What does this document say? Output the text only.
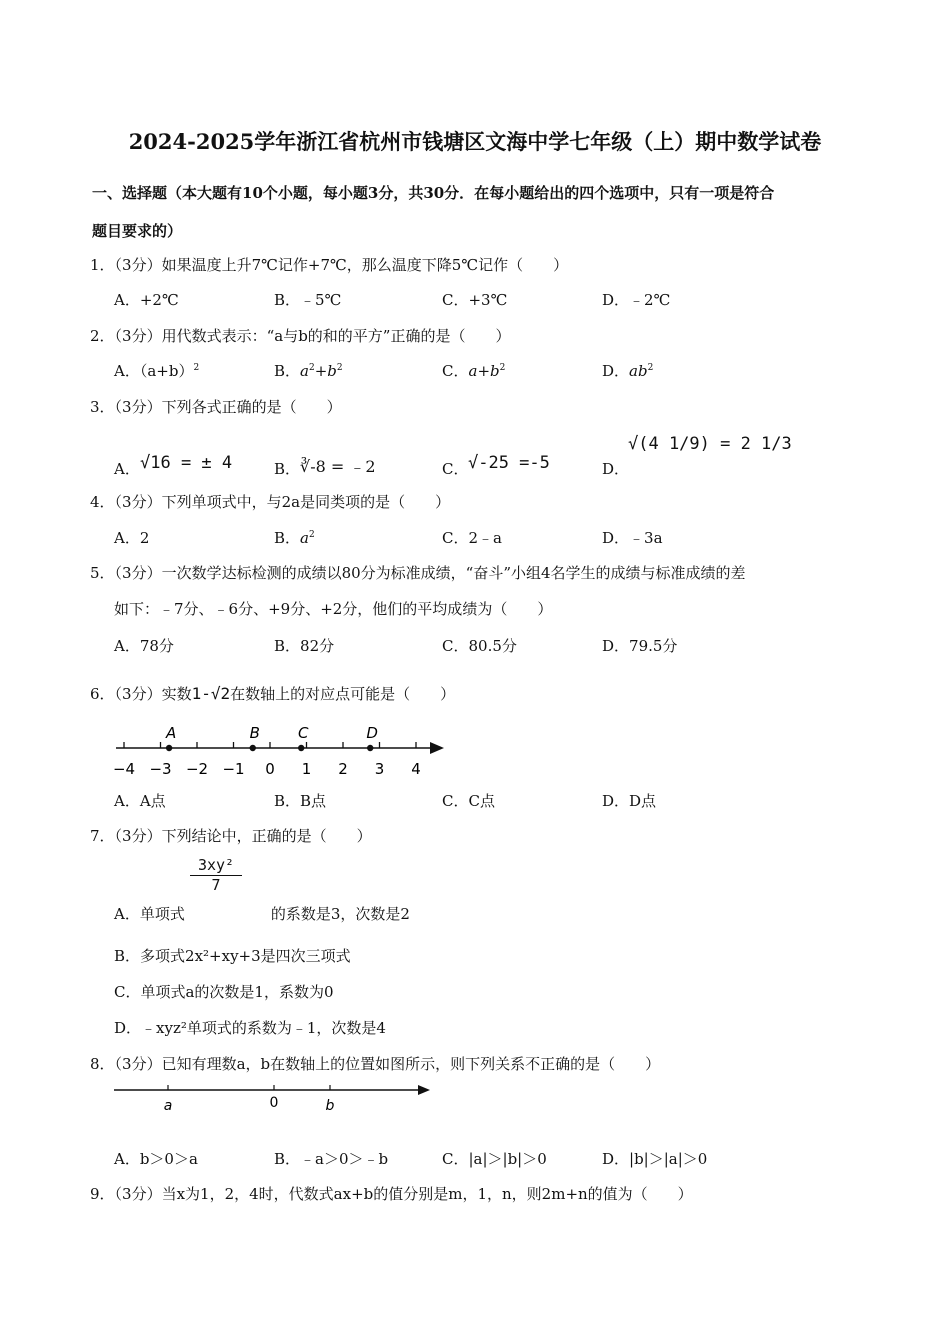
2024-2025学年浙江省杭州市钱塘区文海中学七年级（上）期中数学试卷
一、选择题（本大题有10个小题，每小题3分，共30分．在每小题给出的四个选项中，只有一项是符合
题目要求的）
1．（3分）如果温度上升7℃记作+7℃，那么温度下降5℃记作（　　）
A．+2℃	B．﹣5℃	C．+3℃	D．﹣2℃
2．（3分）用代数式表示：“a与b的和的平方”正确的是（　　）
A．$(a+b)^2$	B．$a^2+b^2$	C．$a+b^2$	D．$ab^2$
3．（3分）下列各式正确的是（　　）
A． √16 = ± 4	B． ∛-8 = ﹣2	C． √-25 =-5	D．
√(4 1/9) = 2 1/3
4．（3分）下列单项式中，与2a是同类项的是（　　）
A．2	B．$a^2$	C．2﹣a	D．﹣3a
5．（3分）一次数学达标检测的成绩以80分为标准成绩，“奋斗”小组4名学生的成绩与标准成绩的差
如下：﹣7分、﹣6分、+9分、+2分，他们的平均成绩为（　　）
A．78分	B．82分	C．80.5分	D．79.5分
6．（3分）实数1-√2在数轴上的对应点可能是（　　）
−4 −3 −2 −1 0 1 2 3 4
A	B	C	D
A．A点	B．B点	C．C点	D．D点
7．（3分）下列结论中，正确的是（　　）
A．单项式	的系数是3，次数是2
$\frac{\text{3xy²}}{7}$
B．多项式2x²+xy+3是四次三项式
C．单项式a的次数是1，系数为0
D．﹣xyz²单项式的系数为﹣1，次数是4
8．（3分）已知有理数a，b在数轴上的位置如图所示，则下列关系不正确的是（　　）
a	0	b
A．b＞0＞a	B．﹣a＞0＞﹣b	C．|a|＞|b|＞0	D．|b|＞|a|＞0
9．（3分）当x为1，2，4时，代数式ax+b的值分别是m，1，n，则2m+n的值为（　　）
